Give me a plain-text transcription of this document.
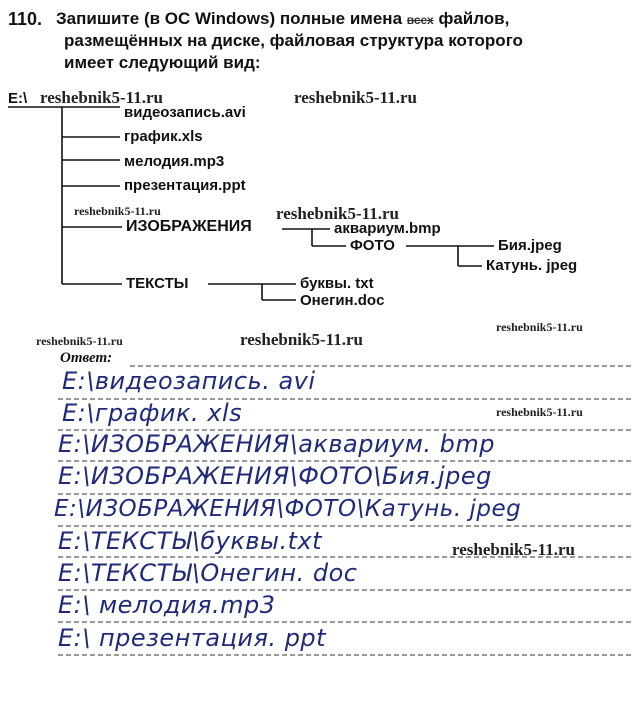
110. Запишите (в ОС Windows) полные имена всех файлов,
размещённых на диске, файловая структура которого
имеет следующий вид:
E:\
видеозапись.avi
график.xls
мелодия.mp3
презентация.ppt
ИЗОБРАЖЕНИЯ	аквариум.bmp
ФОТО	Бия.jpeg
Катунь. jpeg
ТЕКСТЫ	буквы. txt
Онегин.doc
reshebnik5-11.ru	reshebnik5-11.ru
reshebnik5-11.ru	reshebnik5-11.ru
reshebnik5-11.ru	reshebnik5-11.ru
reshebnik5-11.ru
reshebnik5-11.ru
reshebnik5-11.ru
Ответ:
E:\видеозапись. avi
E:\график. xls
E:\ИЗОБРАЖЕНИЯ\аквариум. bmp
E:\ИЗОБРАЖЕНИЯ\ФОТО\Бия.jpeg
E:\ИЗОБРАЖЕНИЯ\ФОТО\Катунь. jpeg
E:\ТЕКСТЫ\буквы.txt
E:\ТЕКСТЫ\Онегин. doc
E:\ мелодия.mp3
E:\ презентация. ppt
